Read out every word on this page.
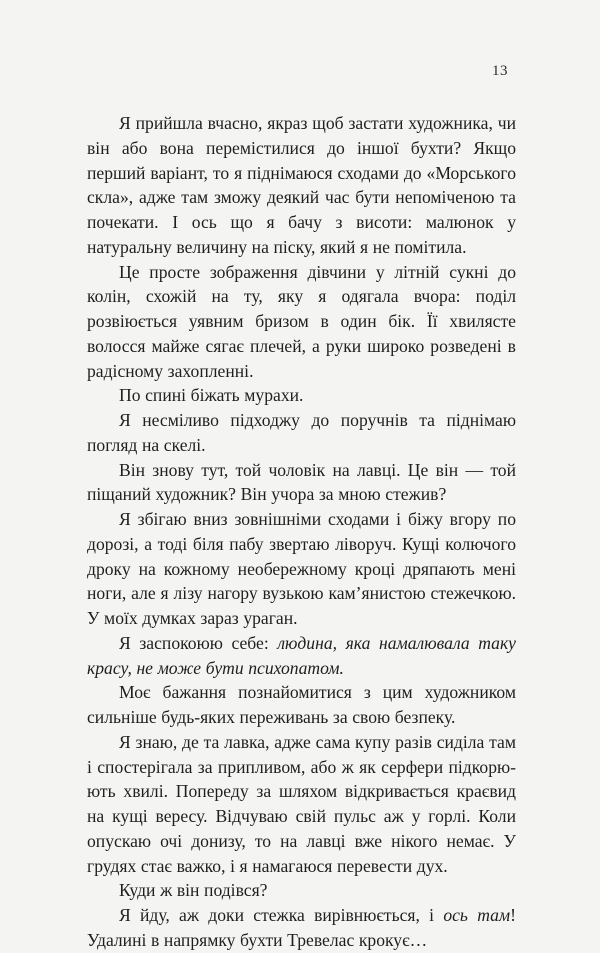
13

Я прийшла вчасно, якраз щоб застати художника, чи він або вона перемістилися до іншої бухти? Якщо перший варіант, то я піднімаюся сходами до «Морського скла», адже там зможу деякий час бути непоміченою та почекати. І ось що я бачу з висоти: малюнок у натуральну величину на піску, який я не помітила.

Це просте зображення дівчини у літній сукні до колін, схожій на ту, яку я одягала вчора: поділ розвіюється уявним бризом в один бік. Її хвилясте волосся майже сягає плечей, а руки широко розведені в радісному захопленні.

По спині біжать мурахи.

Я несміливо підходжу до поручнів та піднімаю погляд на скелі.

Він знову тут, той чоловік на лавці. Це він — той піщаний художник? Він учора за мною стежив?

Я збігаю вниз зовнішніми сходами і біжу вгору по дорозі, а тоді біля пабу звертаю ліворуч. Кущі колючого дроку на кожному необережному кроці дряпають мені ноги, але я лізу нагору вузькою кам’янистою стежечкою. У моїх думках зараз ураган.

Я заспокоюю себе: людина, яка намалювала таку красу, не може бути психопатом.

Моє бажання познайомитися з цим художником сильніше будь-яких переживань за свою безпеку.

Я знаю, де та лавка, адже сама купу разів сиділа там і спостерігала за припливом, або ж як серфери підкорюють хвилі. Попереду за шляхом відкривається краєвид на кущі вересу. Відчуваю свій пульс аж у горлі. Коли опускаю очі донизу, то на лавці вже нікого немає. У грудях стає важко, і я намагаюся перевести дух.

Куди ж він подівся?

Я йду, аж доки стежка вирівнюється, і ось там! Удалині в напрямку бухти Тревелас крокує…
